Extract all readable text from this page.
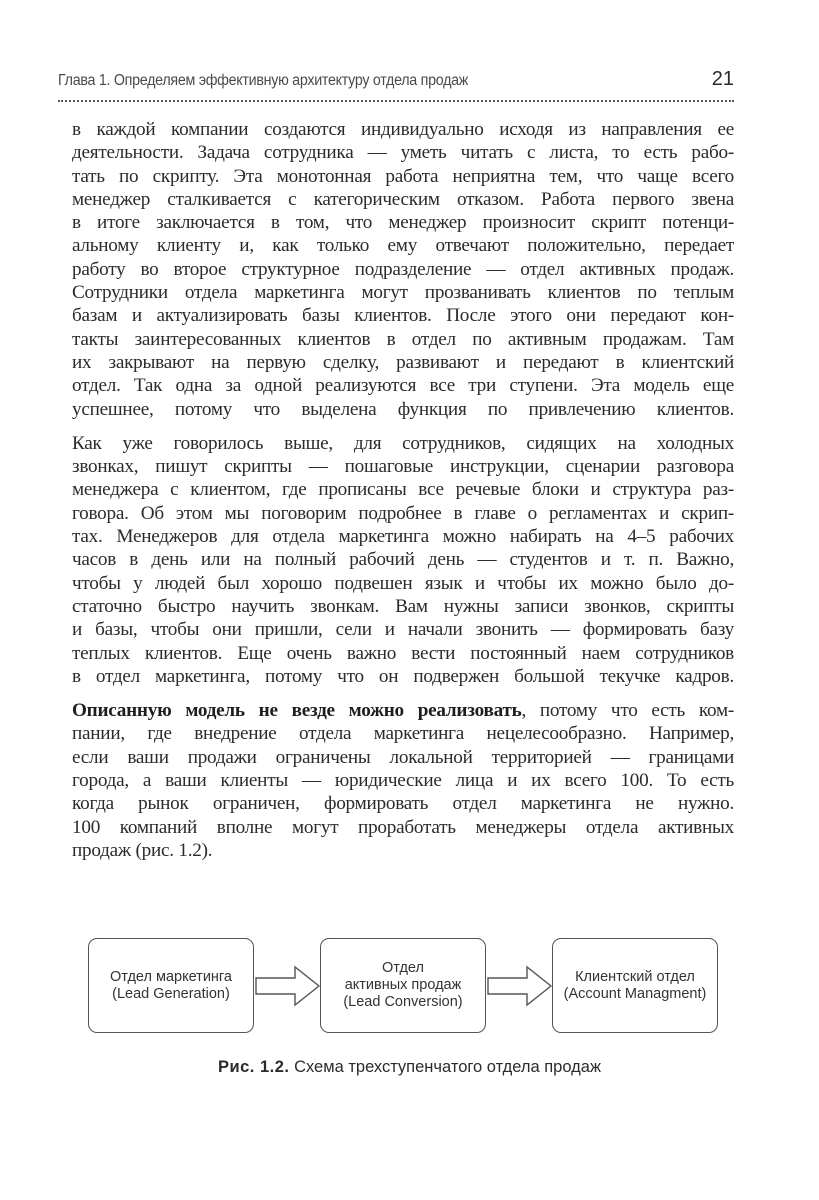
Глава 1. Определяем эффективную архитектуру отдела продаж	21
в каждой компании создаются индивидуально исходя из направления ее
деятельности. Задача сотрудника — уметь читать с листа, то есть рабо-
тать по скрипту. Эта монотонная работа неприятна тем, что чаще всего
менеджер сталкивается с категорическим отказом. Работа первого звена
в итоге заключается в том, что менеджер произносит скрипт потенци-
альному клиенту и, как только ему отвечают положительно, передает
работу во второе структурное подразделение — отдел активных продаж.
Сотрудники отдела маркетинга могут прозванивать клиентов по теплым
базам и актуализировать базы клиентов. После этого они передают кон-
такты заинтересованных клиентов в отдел по активным продажам. Там
их закрывают на первую сделку, развивают и передают в клиентский
отдел. Так одна за одной реализуются все три ступени. Эта модель еще
успешнее, потому что выделена функция по привлечению клиентов.
Как уже говорилось выше, для сотрудников, сидящих на холодных
звонках, пишут скрипты — пошаговые инструкции, сценарии разговора
менеджера с клиентом, где прописаны все речевые блоки и структура раз-
говора. Об этом мы поговорим подробнее в главе о регламентах и скрип-
тах. Менеджеров для отдела маркетинга можно набирать на 4–5 рабочих
часов в день или на полный рабочий день — студентов и т. п. Важно,
чтобы у людей был хорошо подвешен язык и чтобы их можно было до-
статочно быстро научить звонкам. Вам нужны записи звонков, скрипты
и базы, чтобы они пришли, сели и начали звонить — формировать базу
теплых клиентов. Еще очень важно вести постоянный наем сотрудников
в отдел маркетинга, потому что он подвержен большой текучке кадров.
Описанную модель не везде можно реализовать, потому что есть ком-
пании, где внедрение отдела маркетинга нецелесообразно. Например,
если ваши продажи ограничены локальной территорией — границами
города, а ваши клиенты — юридические лица и их всего 100. То есть
когда рынок ограничен, формировать отдел маркетинга не нужно.
100 компаний вполне могут проработать менеджеры отдела активных
продаж (рис. 1.2).
Отдел маркетинга
(Lead Generation)
Отдел
активных продаж
(Lead Conversion)
Клиентский отдел
(Account Managment)
Рис. 1.2. Схема трехступенчатого отдела продаж
